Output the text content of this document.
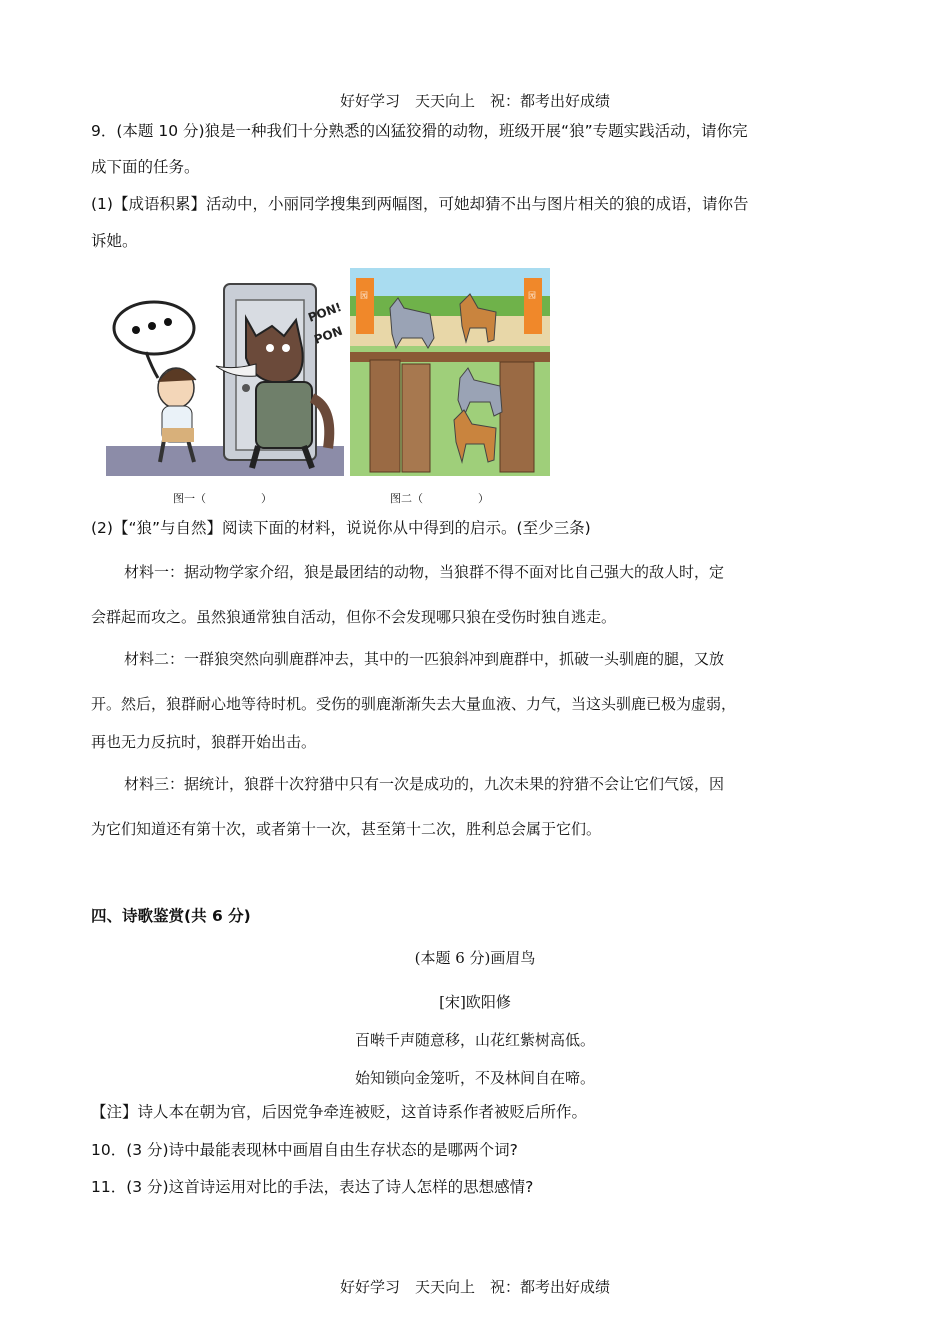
好好学习　天天向上　祝：都考出好成绩
9．(本题 10 分)狼是一种我们十分熟悉的凶猛狡猾的动物，班级开展“狼”专题实践活动，请你完
成下面的任务。
(1)【成语积累】活动中，小丽同学搜集到两幅图，可她却猜不出与图片相关的狼的成语，请你告
诉她。
PON!
PON
园	园
图一（　　　　　）	图二（　　　　　）
(2)【“狼”与自然】阅读下面的材料，说说你从中得到的启示。(至少三条)
材料一：据动物学家介绍，狼是最团结的动物，当狼群不得不面对比自己强大的敌人时，定
会群起而攻之。虽然狼通常独自活动，但你不会发现哪只狼在受伤时独自逃走。
材料二：一群狼突然向驯鹿群冲去，其中的一匹狼斜冲到鹿群中，抓破一头驯鹿的腿，又放
开。然后，狼群耐心地等待时机。受伤的驯鹿渐渐失去大量血液、力气，当这头驯鹿已极为虚弱，
再也无力反抗时，狼群开始出击。
材料三：据统计，狼群十次狩猎中只有一次是成功的，九次未果的狩猎不会让它们气馁，因
为它们知道还有第十次，或者第十一次，甚至第十二次，胜利总会属于它们。
四、诗歌鉴赏(共 6 分)
(本题 6 分)画眉鸟
[宋]欧阳修
百啭千声随意移，山花红紫树高低。
始知锁向金笼听，不及林间自在啼。
【注】诗人本在朝为官，后因党争牵连被贬，这首诗系作者被贬后所作。
10．(3 分)诗中最能表现林中画眉自由生存状态的是哪两个词?
11．(3 分)这首诗运用对比的手法，表达了诗人怎样的思想感情?
好好学习　天天向上　祝：都考出好成绩
